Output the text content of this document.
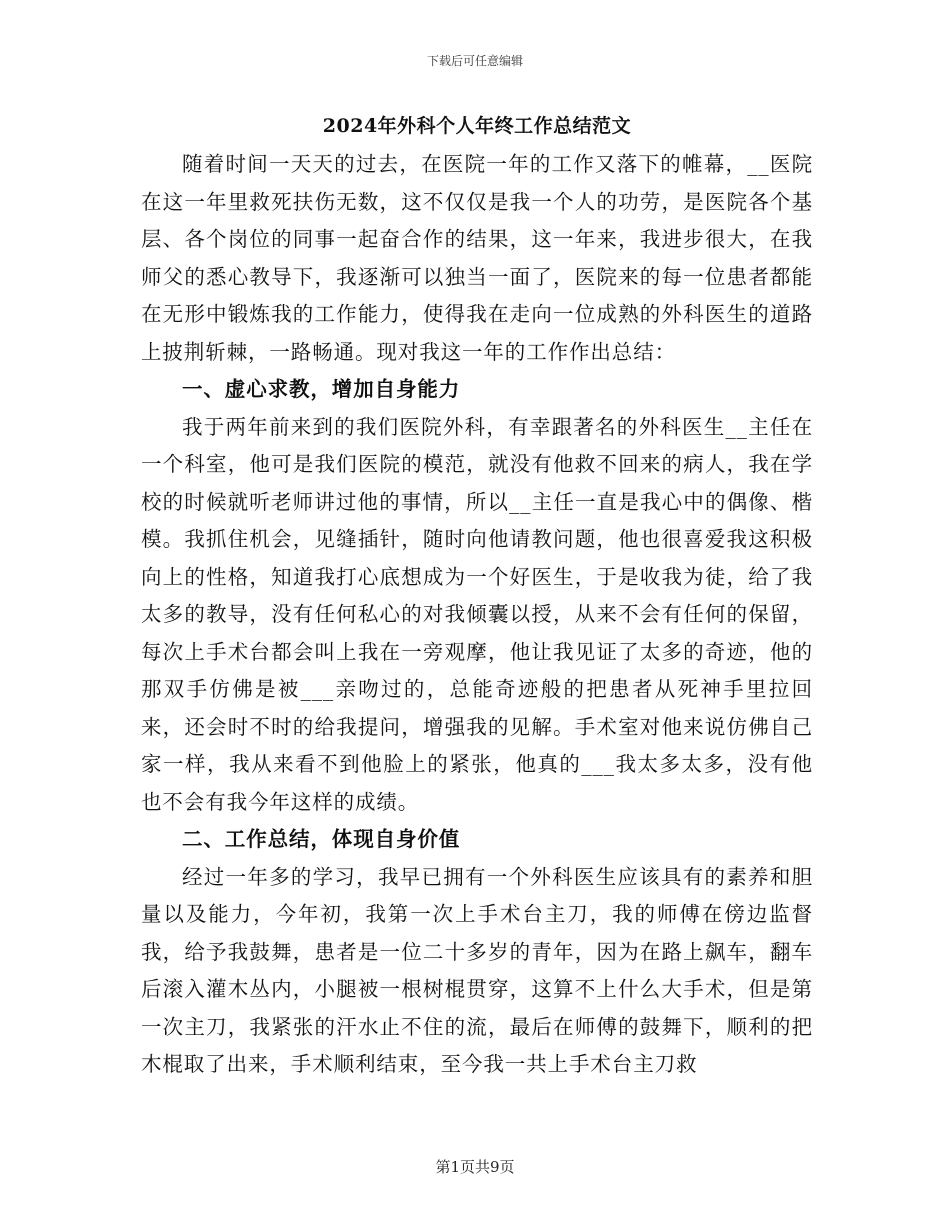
下载后可任意编辑
2024年外科个人年终工作总结范文

随着时间一天天的过去，在医院一年的工作又落下的帷幕，__医院在这一年里救死扶伤无数，这不仅仅是我一个人的功劳，是医院各个基层、各个岗位的同事一起奋合作的结果，这一年来，我进步很大，在我师父的悉心教导下，我逐渐可以独当一面了，医院来的每一位患者都能在无形中锻炼我的工作能力，使得我在走向一位成熟的外科医生的道路上披荆斩棘，一路畅通。现对我这一年的工作作出总结：

一、虚心求教，增加自身能力

我于两年前来到的我们医院外科，有幸跟著名的外科医生__主任在一个科室，他可是我们医院的模范，就没有他救不回来的病人，我在学校的时候就听老师讲过他的事情，所以__主任一直是我心中的偶像、楷模。我抓住机会，见缝插针，随时向他请教问题，他也很喜爱我这积极向上的性格，知道我打心底想成为一个好医生，于是收我为徒，给了我太多的教导，没有任何私心的对我倾囊以授，从来不会有任何的保留，每次上手术台都会叫上我在一旁观摩，他让我见证了太多的奇迹，他的那双手仿佛是被___亲吻过的，总能奇迹般的把患者从死神手里拉回来，还会时不时的给我提问，增强我的见解。手术室对他来说仿佛自己家一样，我从来看不到他脸上的紧张，他真的___我太多太多，没有他也不会有我今年这样的成绩。

二、工作总结，体现自身价值

经过一年多的学习，我早已拥有一个外科医生应该具有的素养和胆量以及能力，今年初，我第一次上手术台主刀，我的师傅在傍边监督我，给予我鼓舞，患者是一位二十多岁的青年，因为在路上飙车，翻车后滚入灌木丛内，小腿被一根树棍贯穿，这算不上什么大手术，但是第一次主刀，我紧张的汗水止不住的流，最后在师傅的鼓舞下，顺利的把木棍取了出来，手术顺利结束，至今我一共上手术台主刀救

第1页共9页
